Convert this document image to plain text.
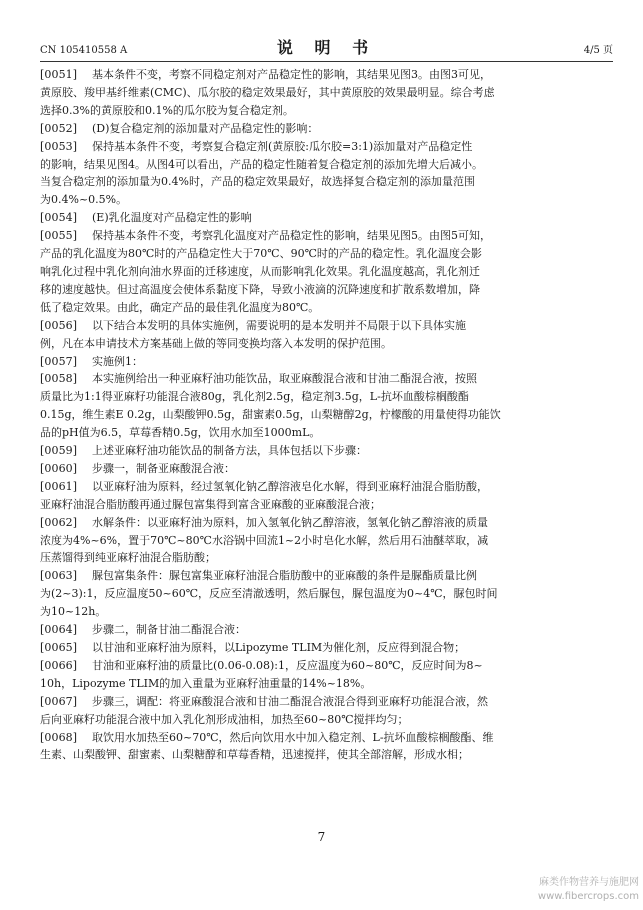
CN 105410558 A	说 明 书	4/5 页
[0051] 基本条件不变，考察不同稳定剂对产品稳定性的影响，其结果见图3。由图3可见，
黄原胶、羧甲基纤维素(CMC)、瓜尔胶的稳定效果最好，其中黄原胶的效果最明显。综合考虑
选择0.3%的黄原胶和0.1%的瓜尔胶为复合稳定剂。
[0052] (D)复合稳定剂的添加量对产品稳定性的影响：
[0053] 保持基本条件不变，考察复合稳定剂(黄原胶:瓜尔胶=3:1)添加量对产品稳定性
的影响，结果见图4。从图4可以看出，产品的稳定性随着复合稳定剂的添加先增大后减小。
当复合稳定剂的添加量为0.4%时，产品的稳定效果最好，故选择复合稳定剂的添加量范围
为0.4%~0.5%。
[0054] (E)乳化温度对产品稳定性的影响
[0055] 保持基本条件不变，考察乳化温度对产品稳定性的影响，结果见图5。由图5可知，
产品的乳化温度为80℃时的产品稳定性大于70℃、90℃时的产品的稳定性。乳化温度会影
响乳化过程中乳化剂向油水界面的迁移速度，从而影响乳化效果。乳化温度越高，乳化剂迁
移的速度越快。但过高温度会使体系黏度下降，导致小液滴的沉降速度和扩散系数增加，降
低了稳定效果。由此，确定产品的最佳乳化温度为80℃。
[0056] 以下结合本发明的具体实施例，需要说明的是本发明并不局限于以下具体实施
例，凡在本申请技术方案基础上做的等同变换均落入本发明的保护范围。
[0057] 实施例1：
[0058] 本实施例给出一种亚麻籽油功能饮品，取亚麻酸混合液和甘油二酯混合液，按照
质量比为1:1得亚麻籽功能混合液80g，乳化剂2.5g，稳定剂3.5g，L-抗坏血酸棕榈酸酯
0.15g，维生素E 0.2g，山梨酸钾0.5g，甜蜜素0.5g，山梨糖醇2g，柠檬酸的用量使得功能饮
品的pH值为6.5，草莓香精0.5g，饮用水加至1000mL。
[0059] 上述亚麻籽油功能饮品的制备方法，具体包括以下步骤：
[0060] 步骤一，制备亚麻酸混合液：
[0061] 以亚麻籽油为原料，经过氢氧化钠乙醇溶液皂化水解，得到亚麻籽油混合脂肪酸，
亚麻籽油混合脂肪酸再通过脲包富集得到富含亚麻酸的亚麻酸混合液；
[0062] 水解条件：以亚麻籽油为原料，加入氢氧化钠乙醇溶液，氢氧化钠乙醇溶液的质量
浓度为4%~6%，置于70℃~80℃水浴锅中回流1~2小时皂化水解，然后用石油醚萃取，减
压蒸馏得到纯亚麻籽油混合脂肪酸；
[0063] 脲包富集条件：脲包富集亚麻籽油混合脂肪酸中的亚麻酸的条件是脲酯质量比例
为(2~3):1，反应温度50~60℃，反应至清澈透明，然后脲包，脲包温度为0~4℃，脲包时间
为10~12h。
[0064] 步骤二，制备甘油二酯混合液：
[0065] 以甘油和亚麻籽油为原料，以Lipozyme TLIM为催化剂，反应得到混合物；
[0066] 甘油和亚麻籽油的质量比(0.06-0.08):1，反应温度为60~80℃，反应时间为8~
10h，Lipozyme TLIM的加入重量为亚麻籽油重量的14%~18%。
[0067] 步骤三，调配：将亚麻酸混合液和甘油二酯混合液混合得到亚麻籽功能混合液，然
后向亚麻籽功能混合液中加入乳化剂形成油相，加热至60~80℃搅拌均匀；
[0068] 取饮用水加热至60~70℃，然后向饮用水中加入稳定剂、L-抗坏血酸棕榈酸酯、维
生素、山梨酸钾、甜蜜素、山梨糖醇和草莓香精，迅速搅拌，使其全部溶解，形成水相；
7
麻类作物营养与施肥网
www.fibercrops.com
